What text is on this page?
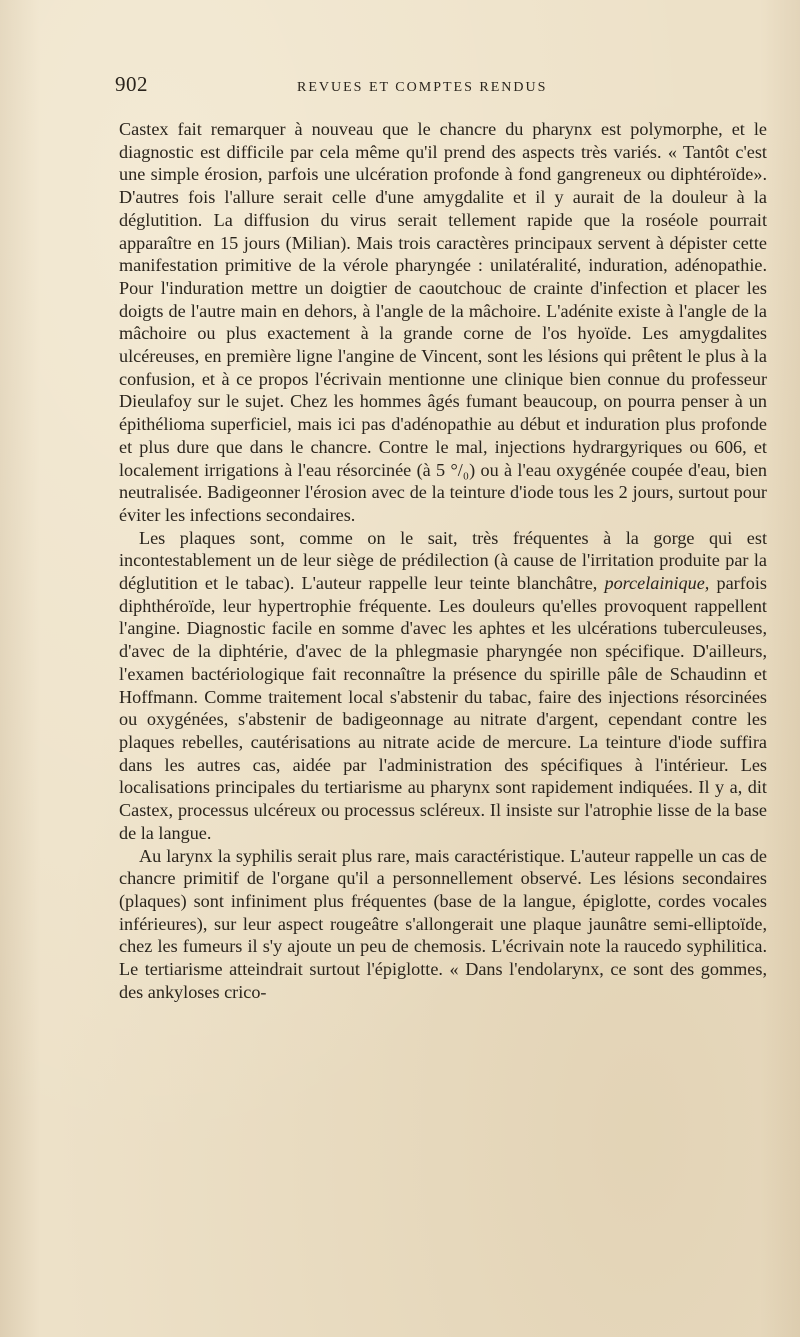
902	REVUES ET COMPTES RENDUS

Castex fait remarquer à nouveau que le chancre du pharynx est polymorphe, et le diagnostic est difficile par cela même qu'il prend des aspects très variés. « Tantôt c'est une simple érosion, parfois une ulcération profonde à fond gangreneux ou diphtéroïde». D'autres fois l'allure serait celle d'une amygdalite et il y aurait de la douleur à la déglutition. La diffusion du virus serait tellement rapide que la roséole pourrait apparaître en 15 jours (Milian). Mais trois caractères principaux servent à dépister cette manifestation primitive de la vérole pharyngée : unilatéralité, induration, adénopathie. Pour l'induration mettre un doigtier de caoutchouc de crainte d'infection et placer les doigts de l'autre main en dehors, à l'angle de la mâchoire. L'adénite existe à l'angle de la mâchoire ou plus exactement à la grande corne de l'os hyoïde. Les amygdalites ulcéreuses, en première ligne l'angine de Vincent, sont les lésions qui prêtent le plus à la confusion, et à ce propos l'écrivain mentionne une clinique bien connue du professeur Dieulafoy sur le sujet. Chez les hommes âgés fumant beaucoup, on pourra penser à un épithélioma superficiel, mais ici pas d'adénopathie au début et induration plus profonde et plus dure que dans le chancre. Contre le mal, injections hydrargyriques ou 606, et localement irrigations à l'eau résorcinée (à 5 °/₀) ou à l'eau oxygénée coupée d'eau, bien neutralisée. Badigeonner l'érosion avec de la teinture d'iode tous les 2 jours, surtout pour éviter les infections secondaires.

Les plaques sont, comme on le sait, très fréquentes à la gorge qui est incontestablement un de leur siège de prédilection (à cause de l'irritation produite par la déglutition et le tabac). L'auteur rappelle leur teinte blanchâtre, porcelainique, parfois diphthéroïde, leur hypertrophie fréquente. Les douleurs qu'elles provoquent rappellent l'angine. Diagnostic facile en somme d'avec les aphtes et les ulcérations tuberculeuses, d'avec de la diphtérie, d'avec de la phlegmasie pharyngée non spécifique. D'ailleurs, l'examen bactériologique fait reconnaître la présence du spirille pâle de Schaudinn et Hoffmann. Comme traitement local s'abstenir du tabac, faire des injections résorcinées ou oxygénées, s'abstenir de badigeonnage au nitrate d'argent, cependant contre les plaques rebelles, cautérisations au nitrate acide de mercure. La teinture d'iode suffira dans les autres cas, aidée par l'administration des spécifiques à l'intérieur. Les localisations principales du tertiarisme au pharynx sont rapidement indiquées. Il y a, dit Castex, processus ulcéreux ou processus scléreux. Il insiste sur l'atrophie lisse de la base de la langue.

Au larynx la syphilis serait plus rare, mais caractéristique. L'auteur rappelle un cas de chancre primitif de l'organe qu'il a personnellement observé. Les lésions secondaires (plaques) sont infiniment plus fréquentes (base de la langue, épiglotte, cordes vocales inférieures), sur leur aspect rougeâtre s'allongerait une plaque jaunâtre semi-elliptoïde, chez les fumeurs il s'y ajoute un peu de chemosis. L'écrivain note la raucedo syphilitica. Le tertiarisme atteindrait surtout l'épiglotte. « Dans l'endolarynx, ce sont des gommes, des ankyloses crico-
